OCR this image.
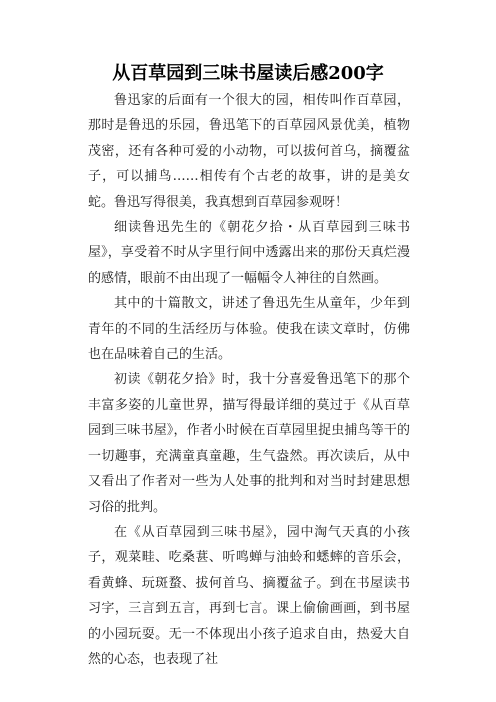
从百草园到三味书屋读后感200字

鲁迅家的后面有一个很大的园，相传叫作百草园，那时是鲁迅的乐园，鲁迅笔下的百草园风景优美，植物茂密，还有各种可爱的小动物，可以拔何首乌，摘覆盆子，可以捕鸟……相传有个古老的故事，讲的是美女蛇。鲁迅写得很美，我真想到百草园参观呀！

细读鲁迅先生的《朝花夕拾・从百草园到三味书屋》，享受着不时从字里行间中透露出来的那份天真烂漫的感情，眼前不由出现了一幅幅令人神往的自然画。

其中的十篇散文，讲述了鲁迅先生从童年，少年到青年的不同的生活经历与体验。使我在读文章时，仿佛也在品味着自己的生活。

初读《朝花夕拾》时，我十分喜爱鲁迅笔下的那个丰富多姿的儿童世界，描写得最详细的莫过于《从百草园到三味书屋》，作者小时候在百草园里捉虫捕鸟等干的一切趣事，充满童真童趣，生气盎然。再次读后，从中又看出了作者对一些为人处事的批判和对当时封建思想习俗的批判。

在《从百草园到三味书屋》，园中淘气天真的小孩子，观菜畦、吃桑葚、听鸣蝉与油蛉和蟋蟀的音乐会，看黄蜂、玩斑蝥、拔何首乌、摘覆盆子。到在书屋读书习字，三言到五言，再到七言。课上偷偷画画，到书屋的小园玩耍。无一不体现出小孩子追求自由，热爱大自然的心态，也表现了社
